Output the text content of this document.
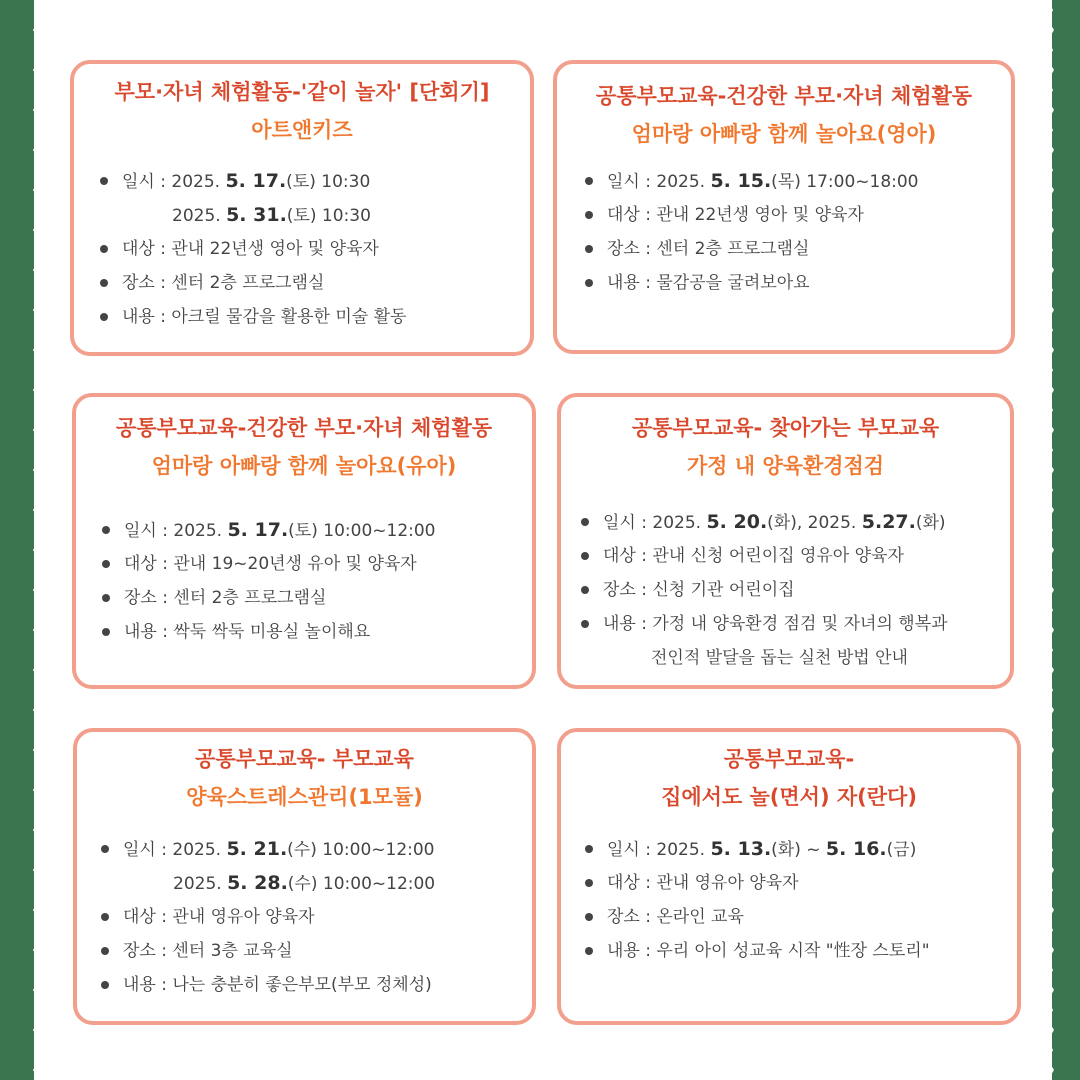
부모·자녀 체험활동-'같이 놀자' [단회기]
아트앤키즈
일시 : 2025. 5. 17.(토) 10:30
2025. 5. 31.(토) 10:30
대상 : 관내 22년생 영아 및 양육자
장소 : 센터 2층 프로그램실
내용 : 아크릴 물감을 활용한 미술 활동
공통부모교육-건강한 부모·자녀 체험활동
엄마랑 아빠랑 함께 놀아요(영아)
일시 : 2025. 5. 15.(목) 17:00~18:00
대상 : 관내 22년생 영아 및 양육자
장소 : 센터 2층 프로그램실
내용 : 물감공을 굴려보아요
공통부모교육-건강한 부모·자녀 체험활동
엄마랑 아빠랑 함께 놀아요(유아)
일시 : 2025. 5. 17.(토) 10:00~12:00
대상 : 관내 19~20년생 유아 및 양육자
장소 : 센터 2층 프로그램실
내용 : 싹둑 싹둑 미용실 놀이해요
공통부모교육- 찾아가는 부모교육
가정 내 양육환경점검
일시 : 2025. 5. 20.(화), 2025. 5.27.(화)
대상 : 관내 신청 어린이집 영유아 양육자
장소 : 신청 기관 어린이집
내용 : 가정 내 양육환경 점검 및 자녀의 행복과
전인적 발달을 돕는 실천 방법 안내
공통부모교육- 부모교육
양육스트레스관리(1모듈)
일시 : 2025. 5. 21.(수) 10:00~12:00
2025. 5. 28.(수) 10:00~12:00
대상 : 관내 영유아 양육자
장소 : 센터 3층 교육실
내용 : 나는 충분히 좋은부모(부모 정체성)
공통부모교육-
집에서도 놀(면서) 자(란다)
일시 : 2025. 5. 13.(화) ~ 5. 16.(금)
대상 : 관내 영유아 양육자
장소 : 온라인 교육
내용 : 우리 아이 성교육 시작 "性장 스토리"
